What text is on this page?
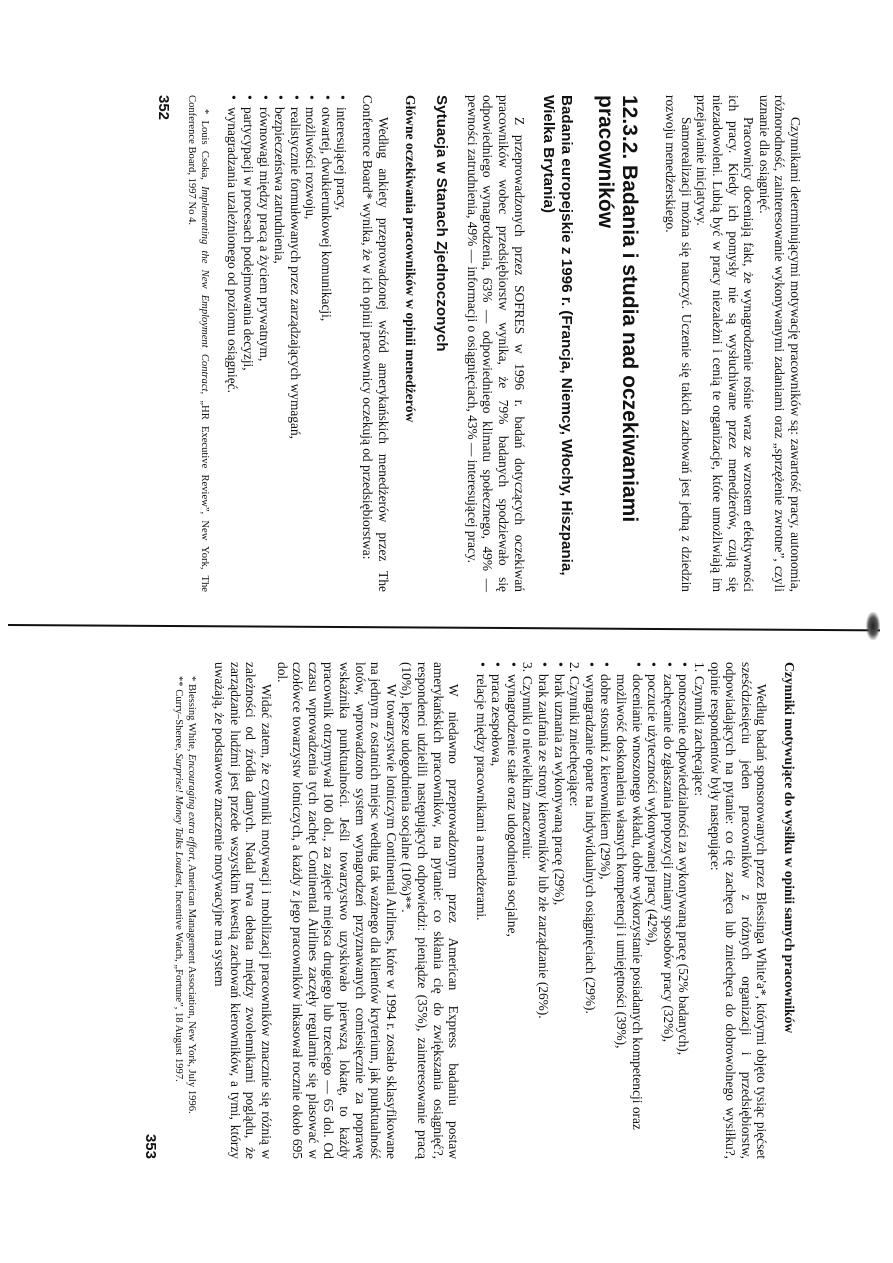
Czynnikami determinującymi motywację pracowników są: zawartość pracy, autonomia, różnorodność, zainteresowanie wykonywanymi zadaniami oraz „sprzężenie zwrotne”, czyli uznanie dla osiągnięć.

Pracownicy doceniają fakt, że wynagrodzenie rośnie wraz ze wzrostem efektywności ich pracy. Kiedy ich pomysły nie są wysłuchiwane przez menedżerów, czują się niezadowoleni. Lubią być w pracy niezależni i cenią te organizacje, które umożliwiają im przejawianie inicjatywy.

Samorealizacji można się nauczyć. Uczenie się takich zachowań jest jedną z dziedzin rozwoju menedżerskiego.

12.3.2. Badania i studia nad oczekiwaniami pracowników
Badania europejskie z 1996 r. (Francja, Niemcy, Włochy, Hiszpania, Wielka Brytania)

Z przeprowadzonych przez SOFRES w 1996 r. badań dotyczących oczekiwań pracowników wobec przedsiębiorstw wynika, że 79% badanych spodziewało się odpowiedniego wynagrodzenia, 63% — odpowiedniego klimatu społecznego, 49% — pewności zatrudnienia, 49% — informacji o osiągnięciach, 43% — interesującej pracy.

Sytuacja w Stanach Zjednoczonych
Główne oczekiwania pracowników w opinii menedżerów

Według ankiety przeprowadzonej wśród amerykańskich menedżerów przez The Conference Board* wynika, że w ich opinii pracownicy oczekują od przedsiębiorstwa:

• interesującej pracy,
• otwartej, dwukierunkowej komunikacji,
• możliwości rozwoju,
• realistycznie formułowanych przez zarządzających wymagań,
• bezpieczeństwa zatrudnienia,
• równowagi między pracą a życiem prywatnym,
• partycypacji w procesach podejmowania decyzji,
• wynagradzania uzależnionego od poziomu osiągnięć.

* Louis Csoka, Implementing the New Employment Contract, „HR Executive Review”, New York, The Conference Board, 1997 No 4.

352
Czynniki motywujące do wysiłku w opinii samych pracowników

Według badań sponsorowanych przez Blessinga White'a*, którymi objęto tysiąc pięćset sześćdziesięciu jeden pracowników z różnych organizacji i przedsiębiorstw, odpowiadających na pytanie: co cię zachęca lub zniechęca do dobrowolnego wysiłku?, opinie respondentów były następujące:

1.
Czynniki zachęcające:
• ponoszenie odpowiedzialności za wykonywaną pracę (52% badanych),
• zachęcanie do zgłaszania propozycji zmiany sposobów pracy (32%),
• poczucie użyteczności wykonywanej pracy (42%),
• docenianie wnoszonego wkładu, dobre wykorzystanie posiadanych kompetencji oraz możliwość doskonalenia własnych kompetencji i umiejętności (39%),
• dobre stosunki z kierownikiem (29%),
• wynagradzanie oparte na indywidualnych osiągnięciach (29%).
2.
Czynniki zniechęcające:
• brak uznania za wykonywaną pracę (29%),
• brak zaufania ze strony kierowników lub złe zarządzanie (26%).
3.
Czynniki o niewielkim znaczeniu:
• wynagrodzenie stałe oraz udogodnienia socjalne,
• praca zespołowa,
• relacje między pracownikami a menedżerami.

W niedawno przeprowadzonym przez American Express badaniu postaw amerykańskich pracowników, na pytanie: co skłania cię do zwiększania osiągnięć?, respondenci udzielili następujących odpowiedzi: pieniądze (35%), zainteresowanie pracą (10%), lepsze udogodnienia socjalne (10%)**.

W towarzystwie lotniczym Continental Airlines, które w 1994 r. zostało sklasyfikowane na jednym z ostatnich miejsc według tak ważnego dla klientów kryterium, jak punktualność lotów, wprowadzono system wynagrodzeń przyznawanych comiesięcznie za poprawę wskaźnika punktualności. Jeśli towarzystwo uzyskiwało pierwszą lokatę, to każdy pracownik otrzymywał 100 dol., za zajęcie miejsca drugiego lub trzeciego — 65 dol. Od czasu wprowadzenia tych zachęt Continental Airlines zaczęły regularnie się plasować w czołówce towarzystw lotniczych, a każdy z jego pracowników inkasował rocznie około 695 dol.

Widać zatem, że czynniki motywacji i mobilizacji pracowników znacznie się różnią w zależności od źródła danych. Nadal trwa debata między zwolennikami poglądu, że zarządzanie ludźmi jest przede wszystkim kwestią zachowań kierowników, a tymi, którzy uważają, że podstawowe znaczenie motywacyjne ma system

* Blessing White, Encouraging extra effort, American Management Association, New York, July 1996.

** Curry–Sheree, Surprise! Money Talks Loudest, Incentive Watch, „Fortune”, 18 August 1997.

353
